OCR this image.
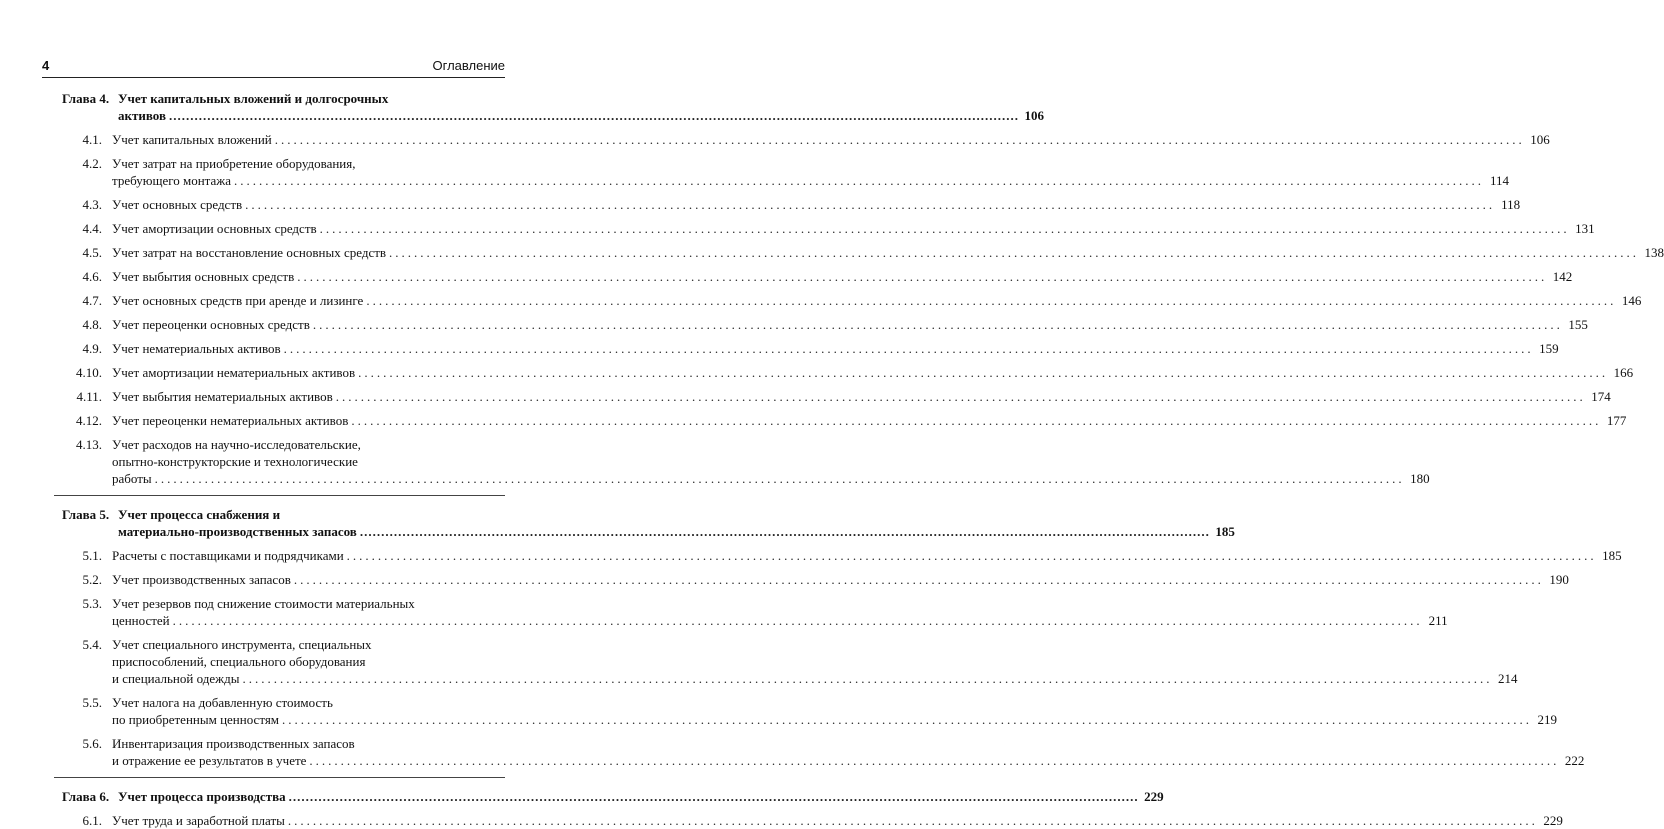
4	Оглавление
Глава 4. Учет капитальных вложений и долгосрочных
активов ........................................................................................................................................................................................................ 106
4.1. Учет капитальных вложений ........................................................................................................................................................................................................ 106
4.2. Учет затрат на приобретение оборудования,
требующего монтажа ........................................................................................................................................................................................................ 114
4.3. Учет основных средств ........................................................................................................................................................................................................ 118
4.4. Учет амортизации основных средств ........................................................................................................................................................................................................ 131
4.5. Учет затрат на восстановление основных средств ........................................................................................................................................................................................................ 138
4.6. Учет выбытия основных средств ........................................................................................................................................................................................................ 142
4.7. Учет основных средств при аренде и лизинге ........................................................................................................................................................................................................ 146
4.8. Учет переоценки основных средств ........................................................................................................................................................................................................ 155
4.9. Учет нематериальных активов ........................................................................................................................................................................................................ 159
4.10. Учет амортизации нематериальных активов ........................................................................................................................................................................................................ 166
4.11. Учет выбытия нематериальных активов ........................................................................................................................................................................................................ 174
4.12. Учет переоценки нематериальных активов ........................................................................................................................................................................................................ 177
4.13. Учет расходов на научно-исследовательские,
опытно-конструкторские и технологические
работы ........................................................................................................................................................................................................ 180
Глава 5. Учет процесса снабжения и
материально-производственных запасов ........................................................................................................................................................................................................ 185
5.1. Расчеты с поставщиками и подрядчиками ........................................................................................................................................................................................................ 185
5.2. Учет производственных запасов ........................................................................................................................................................................................................ 190
5.3. Учет резервов под снижение стоимости материальных
ценностей ........................................................................................................................................................................................................ 211
5.4. Учет специального инструмента, специальных
приспособлений, специального оборудования
и специальной одежды ........................................................................................................................................................................................................ 214
5.5. Учет налога на добавленную стоимость
по приобретенным ценностям ........................................................................................................................................................................................................ 219
5.6. Инвентаризация производственных запасов
и отражение ее результатов в учете ........................................................................................................................................................................................................ 222
Глава 6. Учет процесса производства ........................................................................................................................................................................................................ 229
6.1. Учет труда и заработной платы ........................................................................................................................................................................................................ 229
